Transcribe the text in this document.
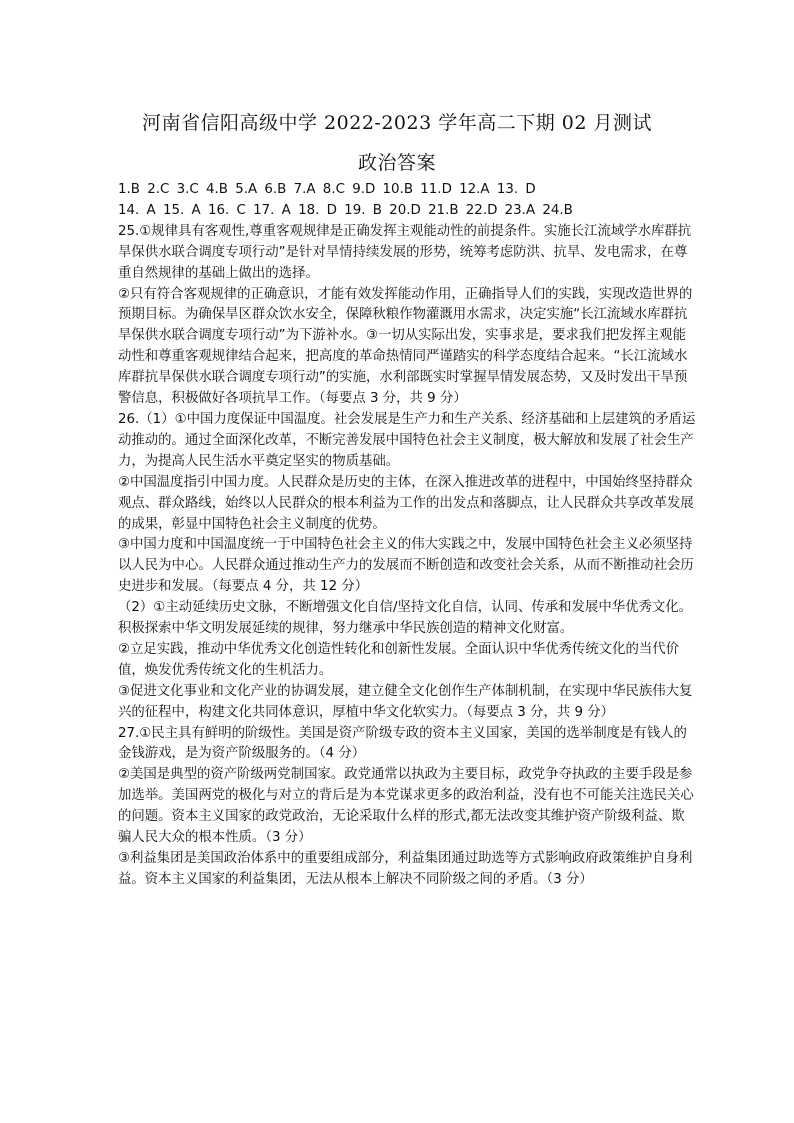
河南省信阳高级中学 2022-2023 学年高二下期 02 月测试
政治答案

1.B 2.C 3.C 4.B 5.A 6.B 7.A 8.C 9.D 10.B 11.D 12.A 13. D

14. A 15. A 16. C 17. A 18. D 19. B 20.D 21.B 22.D 23.A 24.B

25.①规律具有客观性,尊重客观规律是正确发挥主观能动性的前提条件。实施长江流域学水库群抗旱保供水联合调度专项行动”是针对旱情持续发展的形势，统筹考虑防洪、抗旱、发电需求，在尊重自然规律的基础上做出的选择。

②只有符合客观规律的正确意识，才能有效发挥能动作用，正确指导人们的实践，实现改造世界的预期目标。为确保旱区群众饮水安全，保障秋粮作物灌溉用水需求，决定实施“长江流域水库群抗旱保供水联合调度专项行动”为下游补水。③一切从实际出发，实事求是，要求我们把发挥主观能动性和尊重客观规律结合起来，把高度的革命热情同严谨踏实的科学态度结合起来。“长江流域水库群抗旱保供水联合调度专项行动”的实施，水利部既实时掌握旱情发展态势，又及时发出干旱预警信息，积极做好各项抗旱工作。（每要点 3 分，共 9 分）

26.（1）①中国力度保证中国温度。社会发展是生产力和生产关系、经济基础和上层建筑的矛盾运动推动的。通过全面深化改革，不断完善发展中国特色社会主义制度，极大解放和发展了社会生产力，为提高人民生活水平奠定坚实的物质基础。

②中国温度指引中国力度。人民群众是历史的主体，在深入推进改革的进程中，中国始终坚持群众观点、群众路线，始终以人民群众的根本利益为工作的出发点和落脚点，让人民群众共享改革发展的成果，彰显中国特色社会主义制度的优势。

③中国力度和中国温度统一于中国特色社会主义的伟大实践之中，发展中国特色社会主义必须坚持以人民为中心。人民群众通过推动生产力的发展而不断创造和改变社会关系，从而不断推动社会历史进步和发展。（每要点 4 分，共 12 分）

（2）①主动延续历史文脉，不断增强文化自信/坚持文化自信，认同、传承和发展中华优秀文化。积极探索中华文明发展延续的规律，努力继承中华民族创造的精神文化财富。

②立足实践，推动中华优秀文化创造性转化和创新性发展。全面认识中华优秀传统文化的当代价值，焕发优秀传统文化的生机活力。

③促进文化事业和文化产业的协调发展，建立健全文化创作生产体制机制，在实现中华民族伟大复兴的征程中，构建文化共同体意识，厚植中华文化软实力。（每要点 3 分，共 9 分）

27.①民主具有鲜明的阶级性。美国是资产阶级专政的资本主义国家，美国的选举制度是有钱人的金钱游戏，是为资产阶级服务的。（4 分）

②美国是典型的资产阶级两党制国家。政党通常以执政为主要目标，政党争夺执政的主要手段是参加选举。美国两党的极化与对立的背后是为本党谋求更多的政治利益，没有也不可能关注选民关心的问题。资本主义国家的政党政治，无论采取什么样的形式,都无法改变其维护资产阶级利益、欺骗人民大众的根本性质。（3 分）

③利益集团是美国政治体系中的重要组成部分，利益集团通过助选等方式影响政府政策维护自身利益。资本主义国家的利益集团，无法从根本上解决不同阶级之间的矛盾。（3 分）
